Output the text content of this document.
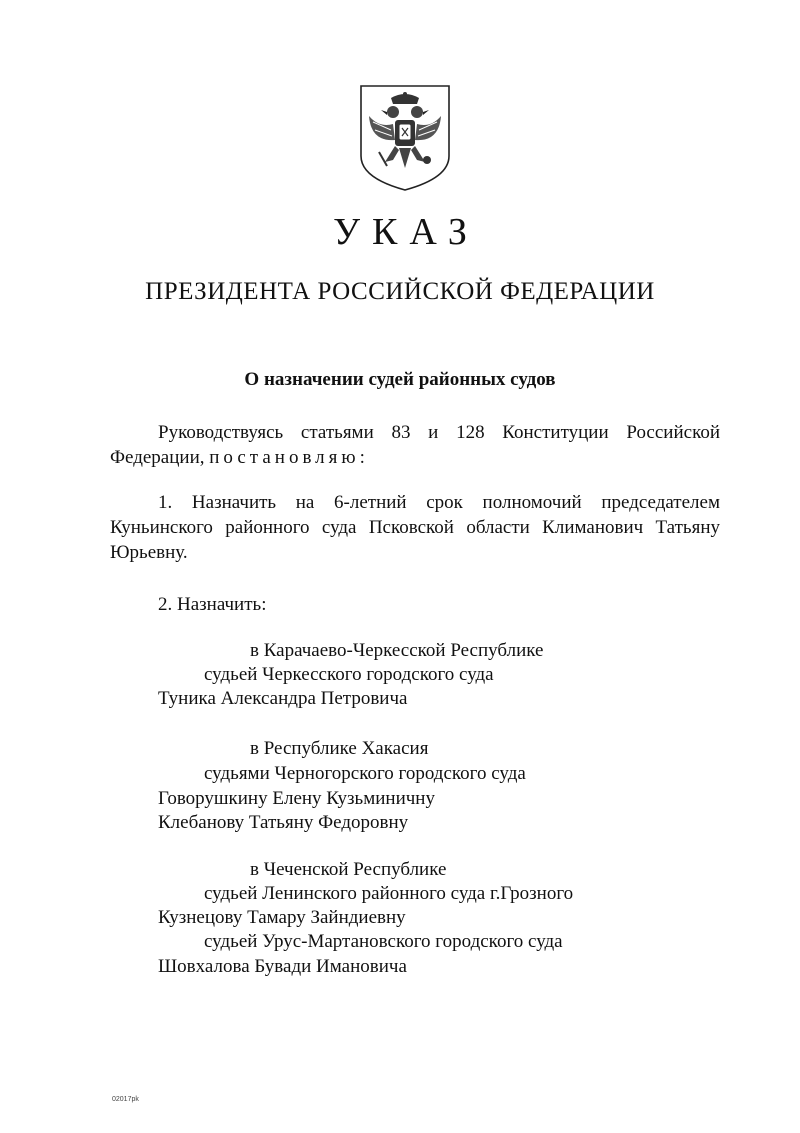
УКАЗ
ПРЕЗИДЕНТА РОССИЙСКОЙ ФЕДЕРАЦИИ
О назначении судей районных судов
Руководствуясь статьями 83 и 128 Конституции Российской Федерации, постановляю:
1. Назначить на 6-летний срок полномочий председателем Куньинского районного суда Псковской области Климанович Татьяну Юрьевну.
2. Назначить:
в Карачаево-Черкесской Республике
судьей Черкесского городского суда
Туника Александра Петровича
в Республике Хакасия
судьями Черногорского городского суда
Говорушкину Елену Кузьминичну
Клебанову Татьяну Федоровну
в Чеченской Республике
судьей Ленинского районного суда г.Грозного
Кузнецову Тамару Зайндиевну
судьей Урус-Мартановского городского суда
Шовхалова Бувади Имановича
02017pk
